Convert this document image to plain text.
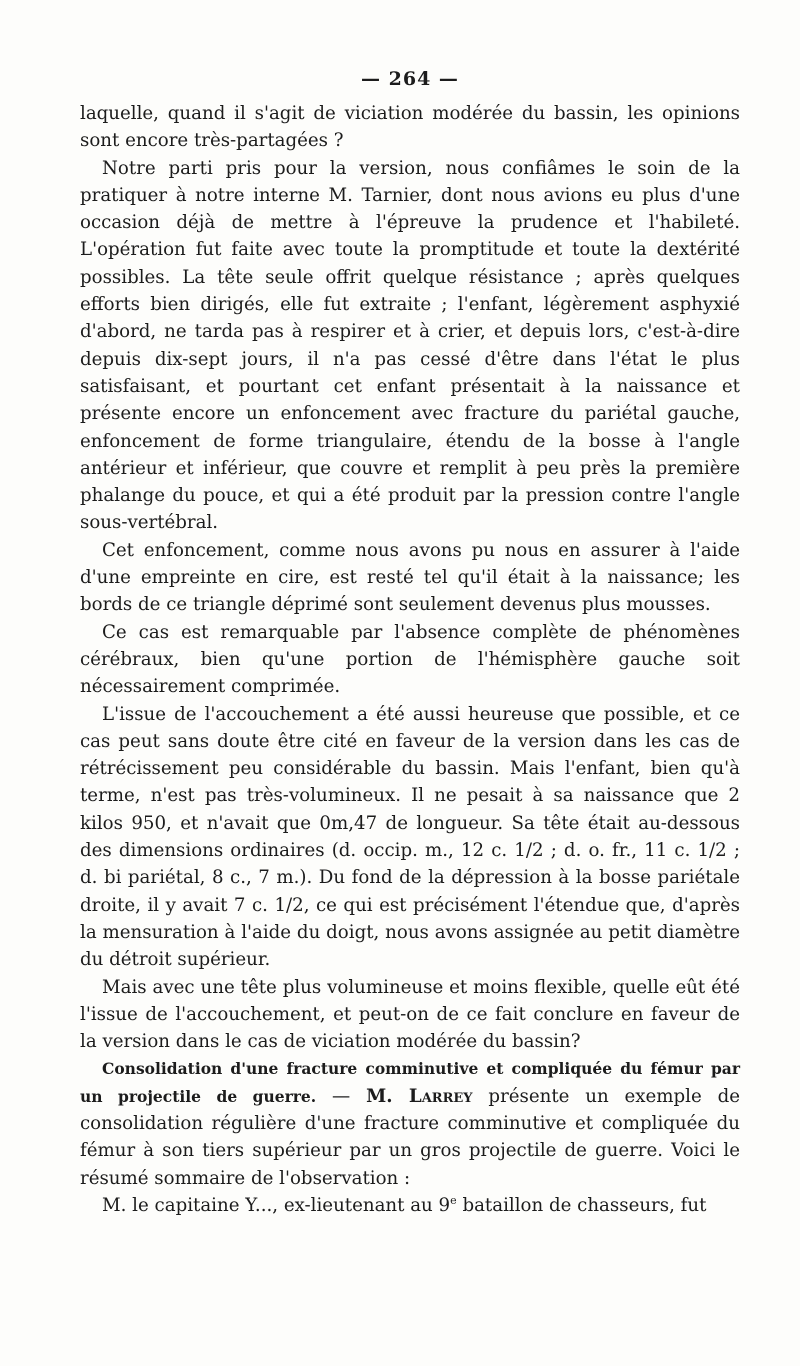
— 264 —

laquelle, quand il s'agit de viciation modérée du bassin, les opinions sont encore très-partagées ?

Notre parti pris pour la version, nous confiâmes le soin de la pratiquer à notre interne M. Tarnier, dont nous avions eu plus d'une occasion déjà de mettre à l'épreuve la prudence et l'habileté. L'opération fut faite avec toute la promptitude et toute la dextérité possibles. La tête seule offrit quelque résistance ; après quelques efforts bien dirigés, elle fut extraite ; l'enfant, légèrement asphyxié d'abord, ne tarda pas à respirer et à crier, et depuis lors, c'est-à-dire depuis dix-sept jours, il n'a pas cessé d'être dans l'état le plus satisfaisant, et pourtant cet enfant présentait à la naissance et présente encore un enfoncement avec fracture du pariétal gauche, enfoncement de forme triangulaire, étendu de la bosse à l'angle antérieur et inférieur, que couvre et remplit à peu près la première phalange du pouce, et qui a été produit par la pression contre l'angle sous-vertébral.

Cet enfoncement, comme nous avons pu nous en assurer à l'aide d'une empreinte en cire, est resté tel qu'il était à la naissance; les bords de ce triangle déprimé sont seulement devenus plus mousses.

Ce cas est remarquable par l'absence complète de phénomènes cérébraux, bien qu'une portion de l'hémisphère gauche soit nécessairement comprimée.

L'issue de l'accouchement a été aussi heureuse que possible, et ce cas peut sans doute être cité en faveur de la version dans les cas de rétrécissement peu considérable du bassin. Mais l'enfant, bien qu'à terme, n'est pas très-volumineux. Il ne pesait à sa naissance que 2 kilos 950, et n'avait que 0m,47 de longueur. Sa tête était au-dessous des dimensions ordinaires (d. occip. m., 12 c. 1/2 ; d. o. fr., 11 c. 1/2 ; d. bi pariétal, 8 c., 7 m.). Du fond de la dépression à la bosse pariétale droite, il y avait 7 c. 1/2, ce qui est précisément l'étendue que, d'après la mensuration à l'aide du doigt, nous avons assignée au petit diamètre du détroit supérieur.

Mais avec une tête plus volumineuse et moins flexible, quelle eût été l'issue de l'accouchement, et peut-on de ce fait conclure en faveur de la version dans le cas de viciation modérée du bassin?

Consolidation d'une fracture comminutive et compliquée du fémur par un projectile de guerre. — M. Larrey présente un exemple de consolidation régulière d'une fracture comminutive et compliquée du fémur à son tiers supérieur par un gros projectile de guerre. Voici le résumé sommaire de l'observation :

M. le capitaine Y..., ex-lieutenant au 9e bataillon de chasseurs, fut
